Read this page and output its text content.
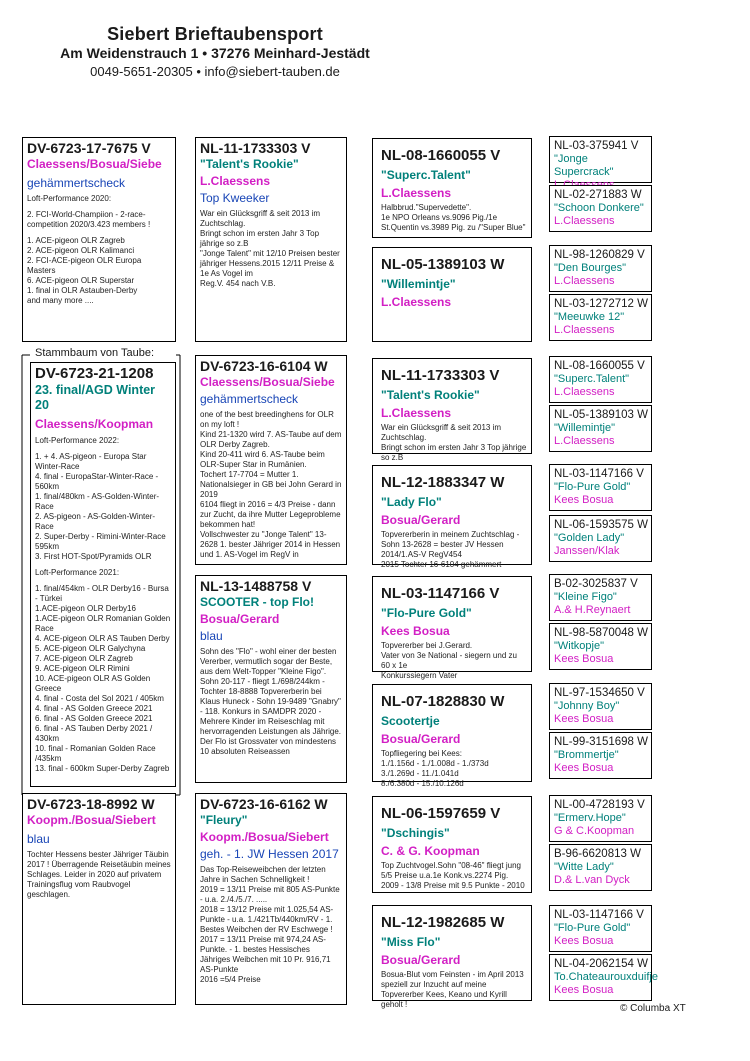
Siebert Brieftaubensport
Am Weidenstrauch 1 • 37276 Meinhard-Jestädt
0049-5651-20305 • info@siebert-tauben.de
Stammbaum von Taube:
DV-6723-17-7675 V
Claessens/Bosua/Siebe
gehämmertscheck
Loft-Performance 2020:
2. FCI-World-Champiion - 2-race-competition 2020/3.423 members !
1. ACE-pigeon OLR Zagreb
2. ACE-pigeon OLR Kalimanci
2. FCI-ACE-pigeon OLR Europa Masters
6. ACE-pigeon OLR Superstar
1. final in OLR Astauben-Derby
and many more ....
DV-6723-21-1208
23. final/AGD Winter 20
Claessens/Koopman
Loft-Performance 2022:
1. + 4. AS-pigeon - Europa Star Winter-Race
4. final - EuropaStar-Winter-Race - 560km
1. final/480km - AS-Golden-Winter-Race
2. AS-pigeon - AS-Golden-Winter-Race
2. Super-Derby - Rimini-Winter-Race 595km
3. First HOT-Spot/Pyramids OLR
Loft-Performance 2021:
1. final/454km - OLR Derby16 - Bursa - Türkei
1.ACE-pigeon OLR Derby16
1.ACE-pigeon OLR Romanian Golden Race
4. ACE-pigeon OLR AS Tauben Derby
5. ACE-pigeon OLR Galychyna
7. ACE-pigeon OLR Zagreb
9. ACE-pigeon OLR Rimini
10. ACE-pigeon OLR AS Golden Greece
4. final - Costa del Sol 2021 / 405km
4. final - AS Golden Greece 2021
6. final - AS Golden Greece 2021
6. final - AS Tauben Derby 2021 / 430km
10. final - Romanian Golden Race /435km
13. final - 600km Super-Derby Zagreb
DV-6723-18-8992 W
Koopm./Bosua/Siebert
blau
Tochter Hessens bester Jähriger Täubin 2017 ! Überragende Reisetäubin meines Schlages. Leider in 2020 auf privatem Trainingsflug vom Raubvogel geschlagen.
NL-11-1733303 V
"Talent's Rookie"
L.Claessens
Top Kweeker
War ein Glücksgriff & seit 2013 im Zuchtschlag.
Bringt schon im ersten Jahr 3 Top jährige so z.B
"Jonge Talent" mit 12/10 Preisen bester jähriger Hessens.2015 12/11 Preise & 1e As Vogel im
Reg.V. 454 nach V.B.
DV-6723-16-6104 W
Claessens/Bosua/Siebe
gehämmertscheck
one of the best breedinghens for OLR on my loft !
Kind 21-1320 wird 7. AS-Taube auf dem OLR Derby Zagreb.
Kind 20-411 wird 6. AS-Taube beim OLR-Super Star in Rumänien.
Tochert 17-7704 = Mutter 1. Nationalsieger in GB bei John Gerard in 2019
6104 fliegt in 2016 = 4/3 Preise - dann zur Zucht, da ihre Mutter Legeprobleme bekommen hat!
Vollschwester zu "Jonge Talent" 13-2628 1. bester Jähriger 2014 in Hessen und 1. AS-Vogel im RegV in
NL-13-1488758 V
SCOOTER - top Flo!
Bosua/Gerard
blau
Sohn des "Flo" - wohl einer der besten Vererber, vermutlich sogar der Beste, aus dem Welt-Topper "Kleine Figo".
Sohn 20-117 - fliegt 1./698/244km - Tochter 18-8888 Topvererberin bei Klaus Huneck - Sohn 19-9489 "Gnabry" - 118. Konkurs in SAMDPR 2020 - Mehrere Kinder im Reiseschlag mit hervorragenden Leistungen als Jährige.
Der Flo ist Grossvater von mindestens 10 absoluten Reiseassen
DV-6723-16-6162 W
"Fleury"
Koopm./Bosua/Siebert
geh. - 1. JW Hessen 2017
Das Top-Reiseweibchen der letzten Jahre in Sachen Schnelligkeit !
2019 = 13/11 Preise mit 805 AS-Punkte - u.a. 2./4./5./7. .....
2018 = 13/12 Preise mit 1.025,54 AS-Punkte - u.a. 1./421Tb/440km/RV - 1. Bestes Weibchen der RV Eschwege !
2017 = 13/11 Preise mit 974,24 AS-Punkte. - 1. bestes Hessisches Jähriges Weibchen mit 10 Pr. 916,71 AS-Punkte
2016 =5/4 Preise
NL-08-1660055 V
"Superc.Talent"
L.Claessens
Halbbrud."Supervedette".
1e NPO Orleans vs.9096 Pig./1e St.Quentin vs.3989 Pig. zu /"Super Blue"
NL-05-1389103 W
"Willemintje"
L.Claessens
NL-11-1733303 V
"Talent's Rookie"
L.Claessens
War ein Glücksgriff & seit 2013 im Zuchtschlag.
Bringt schon im ersten Jahr 3 Top jährige so z.B
NL-12-1883347 W
"Lady Flo"
Bosua/Gerard
Topvererberin in meinem Zuchtschlag - Sohn 13-2628 = bester JV Hessen 2014/1.AS-V RegV454
2015 Tochter 16-6104 gehämmert
NL-03-1147166 V
"Flo-Pure Gold"
Kees Bosua
Topvererber bei J.Gerard.
Vater von 3e National - siegern und zu 60 x 1e
Konkurssiegern Vater
NL-07-1828830 W
Scootertje
Bosua/Gerard
Topfliegering bei Kees:
1./1.156d - 1./1.008d - 1./373d
3./1.269d - 11./1.041d
8./6.380d - 15./10.126d
NL-06-1597659 V
"Dschingis"
C. & G. Koopman
Top Zuchtvogel.Sohn "08-46" fliegt jung 5/5 Preise u.a.1e Konk.vs.2274 Pig.
2009 - 13/8 Preise mit 9.5 Punkte - 2010
NL-12-1982685 W
"Miss Flo"
Bosua/Gerard
Bosua-Blut vom Feinsten - im April 2013 speziell zur Inzucht auf meine Topvererber Kees, Keano und Kyrill
geholt !
NL-03-375941 V
"Jonge Supercrack"
NL-02-271883 W
"Schoon Donkere"
L.Claessens
NL-98-1260829 V
"Den Bourges"
L.Claessens
NL-03-1272712 W
"Meeuwke 12"
L.Claessens
NL-08-1660055 V
"Superc.Talent"
L.Claessens
NL-05-1389103 W
"Willemintje"
L.Claessens
NL-03-1147166 V
"Flo-Pure Gold"
Kees Bosua
NL-06-1593575 W
"Golden Lady"
Janssen/Klak
B-02-3025837 V
"Kleine Figo"
A.& H.Reynaert
NL-98-5870048 W
"Witkopje"
Kees Bosua
NL-97-1534650 V
"Johnny Boy"
Kees Bosua
NL-99-3151698 W
"Brommertje"
Kees Bosua
NL-00-4728193 V
"Ermerv.Hope"
G & C.Koopman
B-96-6620813 W
"Witte Lady"
D.& L.van Dyck
NL-03-1147166 V
"Flo-Pure Gold"
Kees Bosua
NL-04-2062154 W
To.Chateaurouxduifje
Kees Bosua
© Columba XT
